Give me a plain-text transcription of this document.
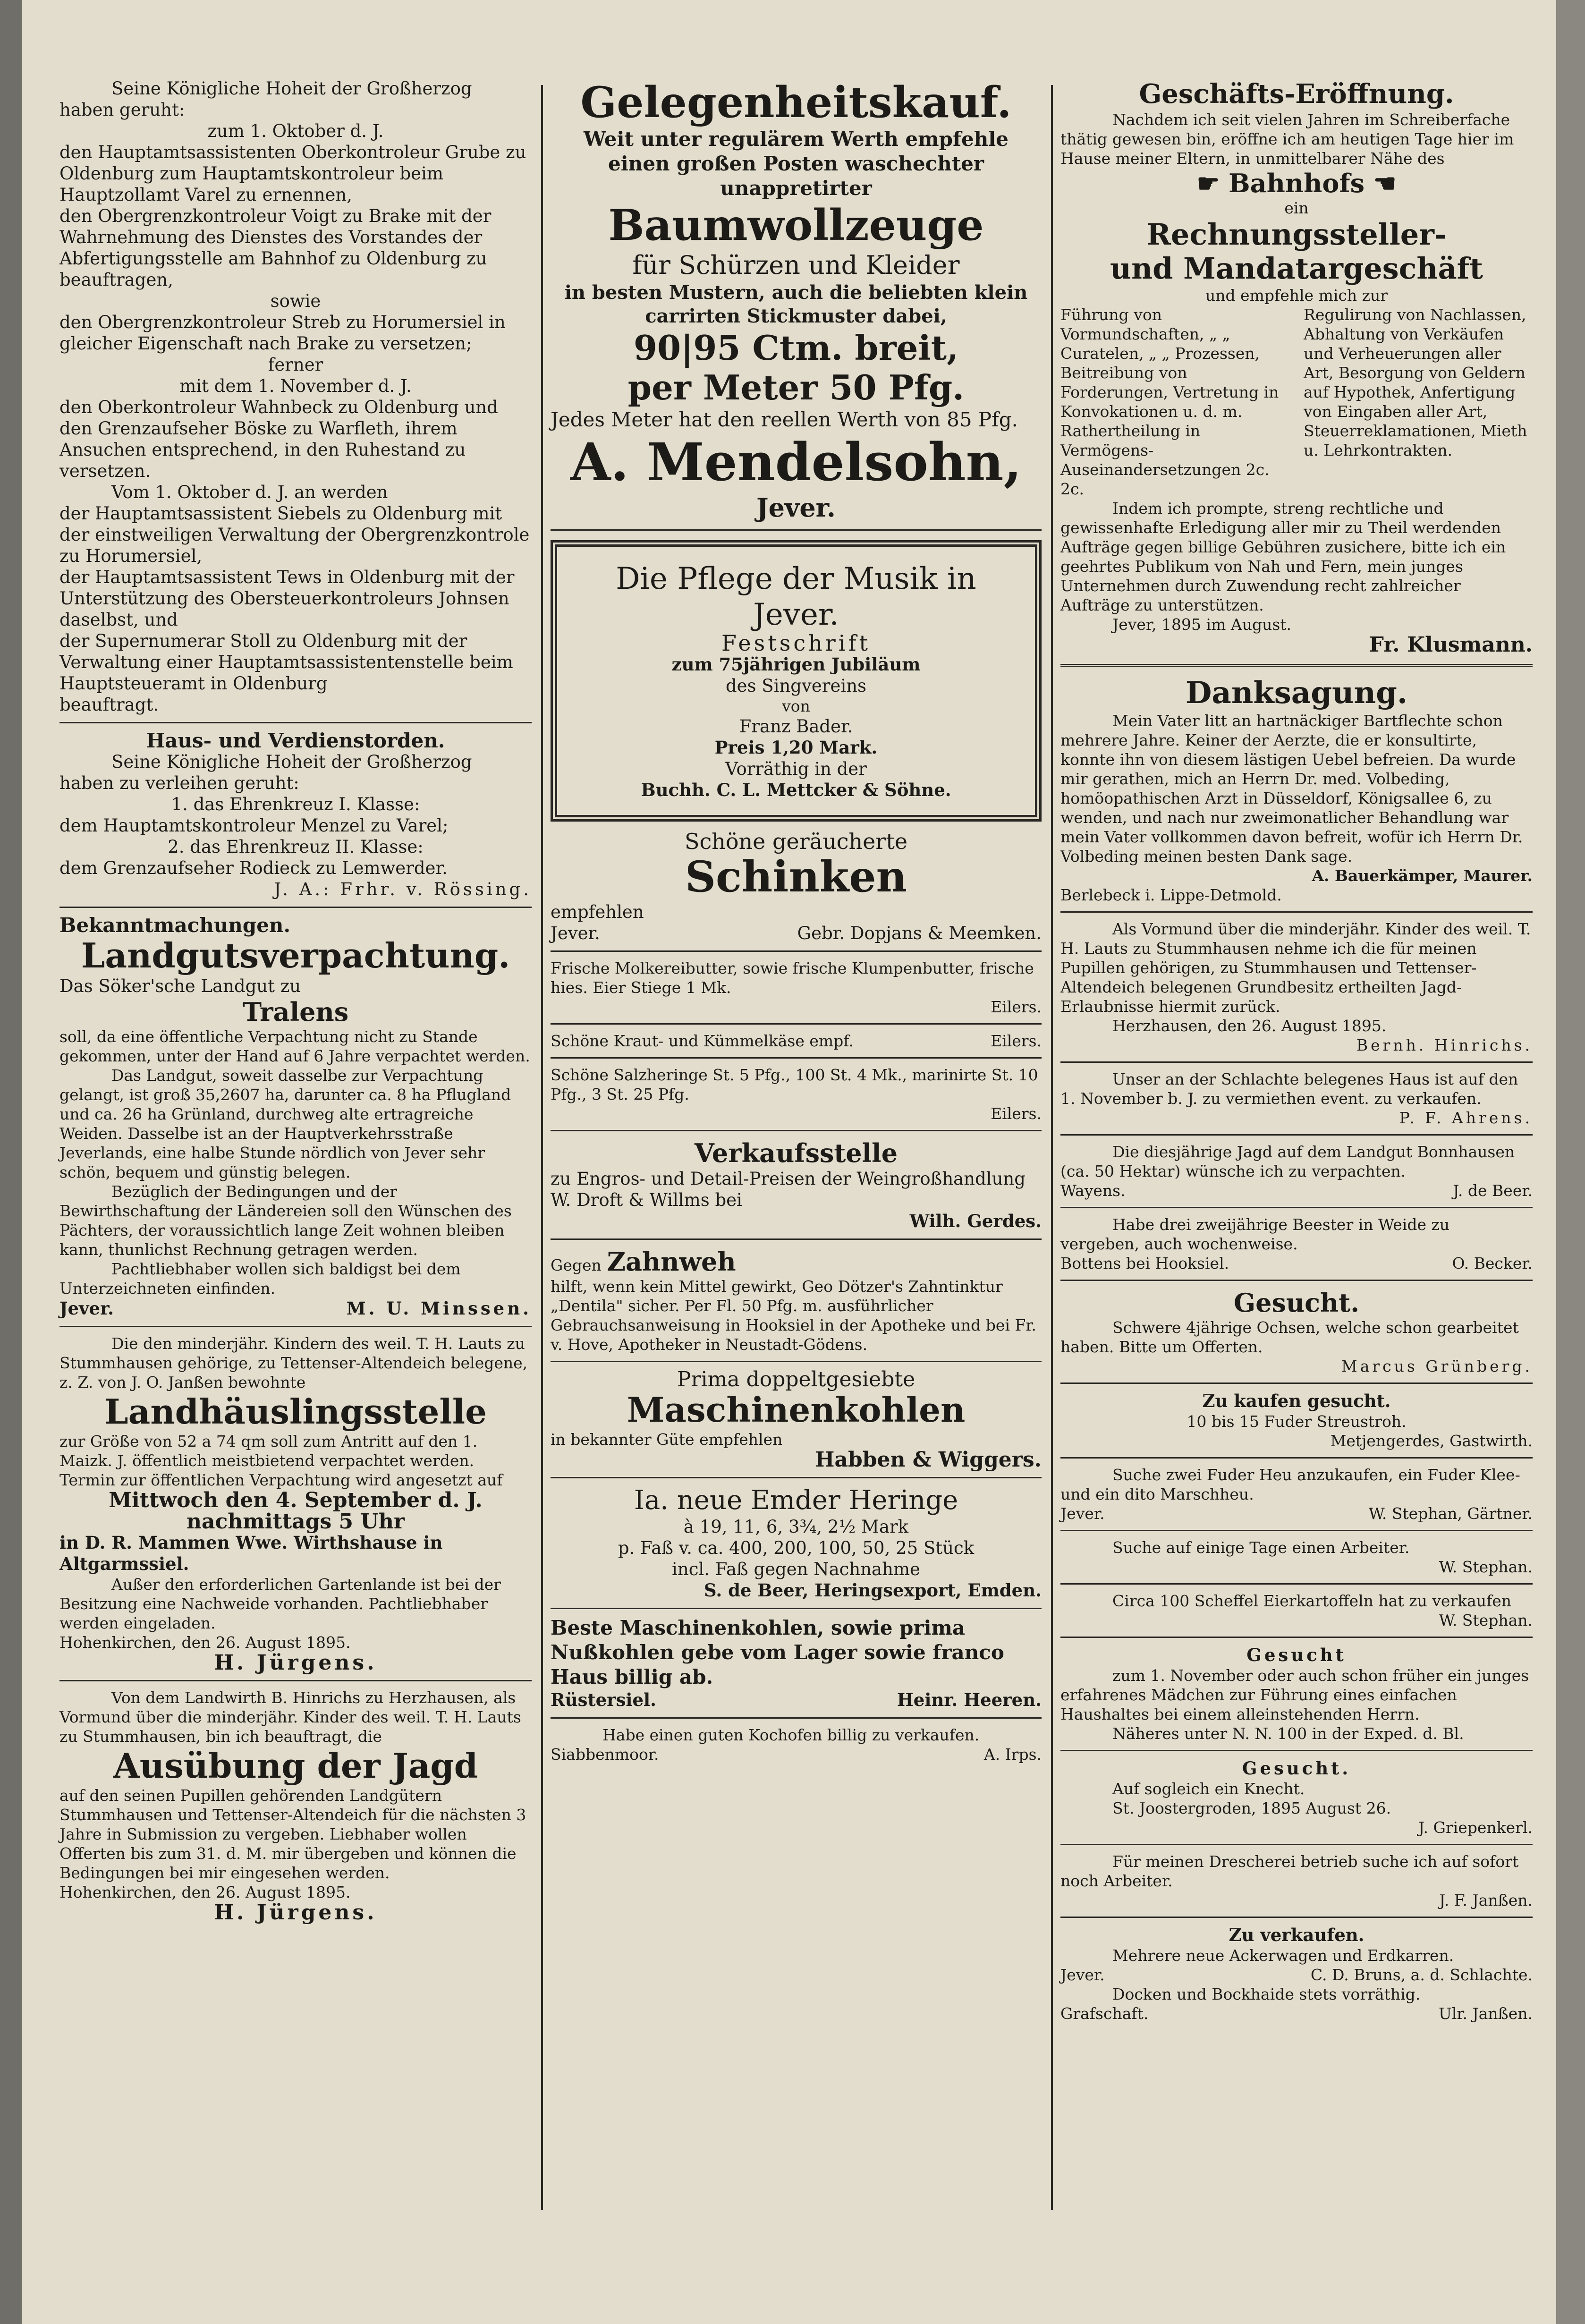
Seine Königliche Hoheit der Großherzog haben geruht:

zum 1. Oktober d. J.

den Hauptamtsassistenten Oberkontroleur Grube zu Oldenburg zum Hauptamtskontroleur beim Hauptzollamt Varel zu ernennen,

den Obergrenzkontroleur Voigt zu Brake mit der Wahrnehmung des Dienstes des Vorstandes der Abfertigungsstelle am Bahnhof zu Oldenburg zu beauftragen,

sowie

den Obergrenzkontroleur Streb zu Horumersiel in gleicher Eigenschaft nach Brake zu versetzen;

ferner

mit dem 1. November d. J.

den Oberkontroleur Wahnbeck zu Oldenburg und den Grenzaufseher Böske zu Warfleth, ihrem Ansuchen entsprechend, in den Ruhestand zu versetzen.

Vom 1. Oktober d. J. an werden

der Hauptamtsassistent Siebels zu Oldenburg mit der einstweiligen Verwaltung der Obergrenzkontrole zu Horumersiel,

der Hauptamtsassistent Tews in Oldenburg mit der Unterstützung des Obersteuerkontroleurs Johnsen daselbst, und

der Supernumerar Stoll zu Oldenburg mit der Verwaltung einer Hauptamtsassistentenstelle beim Hauptsteueramt in Oldenburg

beauftragt.

Haus- und Verdienstorden.

Seine Königliche Hoheit der Großherzog haben zu verleihen geruht:

1. das Ehrenkreuz I. Klasse:

dem Hauptamtskontroleur Menzel zu Varel;

2. das Ehrenkreuz II. Klasse:

dem Grenzaufseher Rodieck zu Lemwerder.

J. A.: Frhr. v. Rössing.

Bekanntmachungen.

Landgutsverpachtung.

Das Söker'sche Landgut zu

Tralens

soll, da eine öffentliche Verpachtung nicht zu Stande gekommen, unter der Hand auf 6 Jahre verpachtet werden.

Das Landgut, soweit dasselbe zur Verpachtung gelangt, ist groß 35,2607 ha, darunter ca. 8 ha Pflugland und ca. 26 ha Grünland, durchweg alte ertragreiche Weiden. Dasselbe ist an der Hauptverkehrsstraße Jeverlands, eine halbe Stunde nördlich von Jever sehr schön, bequem und günstig belegen.

Bezüglich der Bedingungen und der Bewirthschaftung der Ländereien soll den Wünschen des Pächters, der voraussichtlich lange Zeit wohnen bleiben kann, thunlichst Rechnung getragen werden.

Pachtliebhaber wollen sich baldigst bei dem Unterzeichneten einfinden.

Jever.	M. U. Minssen.

Die den minderjähr. Kindern des weil. T. H. Lauts zu Stummhausen gehörige, zu Tettenser-Altendeich belegene, z. Z. von J. O. Janßen bewohnte

Landhäuslingsstelle

zur Größe von 52 a 74 qm soll zum Antritt auf den 1. Maizk. J. öffentlich meistbietend verpachtet werden. Termin zur öffentlichen Verpachtung wird angesetzt auf

Mittwoch den 4. September d. J.

nachmittags 5 Uhr

in D. R. Mammen Wwe. Wirthshause in Altgarmssiel.

Außer den erforderlichen Gartenlande ist bei der Besitzung eine Nachweide vorhanden. Pachtliebhaber werden eingeladen.

Hohenkirchen, den 26. August 1895.

H. Jürgens.

Von dem Landwirth B. Hinrichs zu Herzhausen, als Vormund über die minderjähr. Kinder des weil. T. H. Lauts zu Stummhausen, bin ich beauftragt, die

Ausübung der Jagd

auf den seinen Pupillen gehörenden Landgütern Stummhausen und Tettenser-Altendeich für die nächsten 3 Jahre in Submission zu vergeben. Liebhaber wollen Offerten bis zum 31. d. M. mir übergeben und können die Bedingungen bei mir eingesehen werden.

Hohenkirchen, den 26. August 1895.

H. Jürgens.

Gelegenheitskauf.

Weit unter regulärem Werth empfehle einen großen Posten waschechter unappretirter

Baumwollzeuge

für Schürzen und Kleider

in besten Mustern, auch die beliebten klein carrirten Stickmuster dabei,

90|95 Ctm. breit,

per Meter 50 Pfg.

Jedes Meter hat den reellen Werth von 85 Pfg.

A. Mendelsohn,

Jever.

Die Pflege der Musik in Jever.

Festschrift

zum 75jährigen Jubiläum

des Singvereins

von

Franz Bader.

Preis 1,20 Mark.

Vorräthig in der

Buchh. C. L. Mettcker & Söhne.

Schöne geräucherte

Schinken

empfehlen

Jever.	Gebr. Dopjans & Meemken.

Frische Molkereibutter, sowie frische Klumpenbutter, frische hies. Eier Stiege 1 Mk.

Eilers.

Schöne Kraut- und Kümmelkäse empf.	Eilers.

Schöne Salzheringe St. 5 Pfg., 100 St. 4 Mk., marinirte St. 10 Pfg., 3 St. 25 Pfg.

Eilers.

Verkaufsstelle

zu Engros- und Detail-Preisen der Weingroßhandlung W. Droft & Willms bei

Wilh. Gerdes.

Gegen Zahnweh

hilft, wenn kein Mittel gewirkt, Geo Dötzer's Zahntinktur „Dentila" sicher. Per Fl. 50 Pfg. m. ausführlicher Gebrauchsanweisung in Hooksiel in der Apotheke und bei Fr. v. Hove, Apotheker in Neustadt-Gödens.

Prima doppeltgesiebte

Maschinenkohlen

in bekannter Güte empfehlen

Habben & Wiggers.

Ia. neue Emder Heringe

à 19, 11, 6, 3¾, 2½ Mark

p. Faß v. ca. 400, 200, 100, 50, 25 Stück

incl. Faß gegen Nachnahme

S. de Beer, Heringsexport, Emden.

Beste Maschinenkohlen, sowie prima Nußkohlen gebe vom Lager sowie franco Haus billig ab.

Rüstersiel.	Heinr. Heeren.

Habe einen guten Kochofen billig zu verkaufen.

Siabbenmoor.	A. Irps.

Geschäfts-Eröffnung.

Nachdem ich seit vielen Jahren im Schreiberfache thätig gewesen bin, eröffne ich am heutigen Tage hier im Hause meiner Eltern, in unmittelbarer Nähe des

☛ Bahnhofs ☚

ein

Rechnungssteller-

und Mandatargeschäft

und empfehle mich zur

Führung von Vormundschaften, „ „ Curatelen, „ „ Prozessen, Beitreibung von Forderungen, Vertretung in Konvokationen u. d. m. Rathertheilung in Vermögens-Auseinandersetzungen 2c. 2c.
Regulirung von Nachlassen, Abhaltung von Verkäufen und Verheuerungen aller Art, Besorgung von Geldern auf Hypothek, Anfertigung von Eingaben aller Art, Steuerreklamationen, Mieth u. Lehrkontrakten.

Indem ich prompte, streng rechtliche und gewissenhafte Erledigung aller mir zu Theil werdenden Aufträge gegen billige Gebühren zusichere, bitte ich ein geehrtes Publikum von Nah und Fern, mein junges Unternehmen durch Zuwendung recht zahlreicher Aufträge zu unterstützen.

Jever, 1895 im August.

Fr. Klusmann.

Danksagung.

Mein Vater litt an hartnäckiger Bartflechte schon mehrere Jahre. Keiner der Aerzte, die er konsultirte, konnte ihn von diesem lästigen Uebel befreien. Da wurde mir gerathen, mich an Herrn Dr. med. Volbeding, homöopathischen Arzt in Düsseldorf, Königsallee 6, zu wenden, und nach nur zweimonatlicher Behandlung war mein Vater vollkommen davon befreit, wofür ich Herrn Dr. Volbeding meinen besten Dank sage.

A. Bauerkämper, Maurer.

Berlebeck i. Lippe-Detmold.

Als Vormund über die minderjähr. Kinder des weil. T. H. Lauts zu Stummhausen nehme ich die für meinen Pupillen gehörigen, zu Stummhausen und Tettenser-Altendeich belegenen Grundbesitz ertheilten Jagd-Erlaubnisse hiermit zurück.

Herzhausen, den 26. August 1895.

Bernh. Hinrichs.

Unser an der Schlachte belegenes Haus ist auf den 1. November b. J. zu vermiethen event. zu verkaufen.

P. F. Ahrens.

Die diesjährige Jagd auf dem Landgut Bonnhausen (ca. 50 Hektar) wünsche ich zu verpachten.

Wayens.	J. de Beer.

Habe drei zweijährige Beester in Weide zu vergeben, auch wochenweise.

Bottens bei Hooksiel.	O. Becker.

Gesucht.

Schwere 4jährige Ochsen, welche schon gearbeitet haben. Bitte um Offerten.

Marcus Grünberg.

Zu kaufen gesucht.

10 bis 15 Fuder Streustroh.

Metjengerdes, Gastwirth.

Suche zwei Fuder Heu anzukaufen, ein Fuder Klee- und ein dito Marschheu.

Jever.	W. Stephan, Gärtner.

Suche auf einige Tage einen Arbeiter.

W. Stephan.

Circa 100 Scheffel Eierkartoffeln hat zu verkaufen

W. Stephan.

Gesucht

zum 1. November oder auch schon früher ein junges erfahrenes Mädchen zur Führung eines einfachen Haushaltes bei einem alleinstehenden Herrn.

Näheres unter N. N. 100 in der Exped. d. Bl.

Gesucht.

Auf sogleich ein Knecht.

St. Joostergroden, 1895 August 26.

J. Griepenkerl.

Für meinen Drescherei betrieb suche ich auf sofort noch Arbeiter.

J. F. Janßen.

Zu verkaufen.

Mehrere neue Ackerwagen und Erdkarren.

Jever.	C. D. Bruns, a. d. Schlachte.

Docken und Bockhaide stets vorräthig.

Grafschaft.	Ulr. Janßen.
